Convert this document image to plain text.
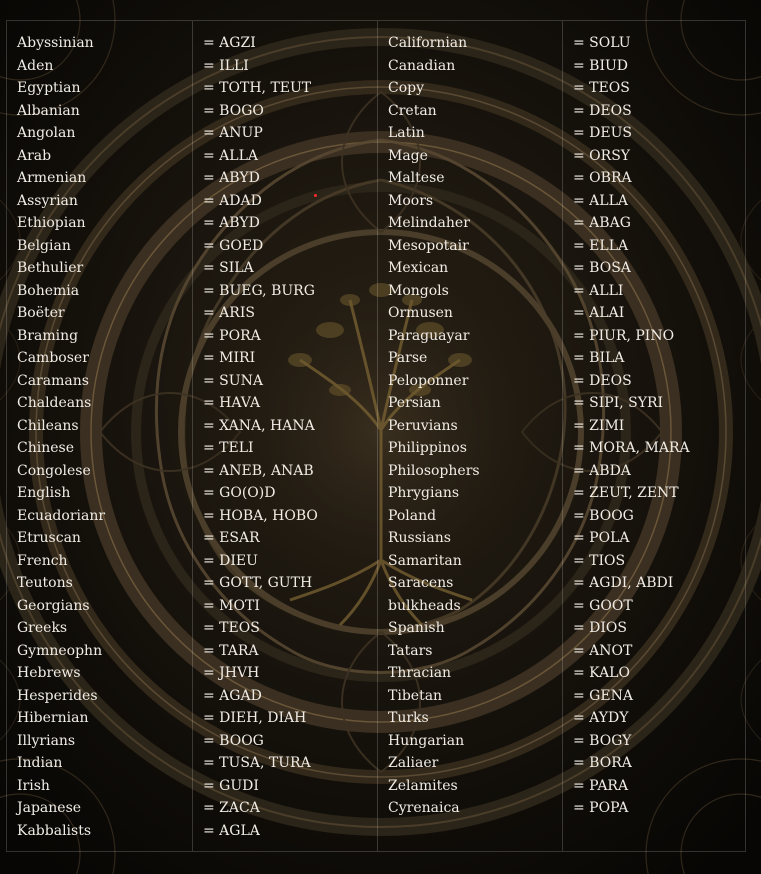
Abyssinian
Aden
Egyptian
Albanian
Angolan
Arab
Armenian
Assyrian
Ethiopian
Belgian
Bethulier
Bohemia
Boëter
Braming
Camboser
Caramans
Chaldeans
Chileans
Chinese
Congolese
English
Ecuadorianr
Etruscan
French
Teutons
Georgians
Greeks
Gymneophn
Hebrews
Hesperides
Hibernian
Illyrians
Indian
Irish
Japanese
Kabbalists
= AGZI
= ILLI
= TOTH, TEUT
= BOGO
= ANUP
= ALLA
= ABYD
= ADAD
= ABYD
= GOED
= SILA
= BUEG, BURG
= ARIS
= PORA
= MIRI
= SUNA
= HAVA
= XANA, HANA
= TELI
= ANEB, ANAB
= GO(O)D
= HOBA, HOBO
= ESAR
= DIEU
= GOTT, GUTH
= MOTI
= TEOS
= TARA
= JHVH
= AGAD
= DIEH, DIAH
= BOOG
= TUSA, TURA
= GUDI
= ZACA
= AGLA
Californian
Canadian
Copy
Cretan
Latin
Mage
Maltese
Moors
Melindaher
Mesopotair
Mexican
Mongols
Ormusen
Paraguayar
Parse
Peloponner
Persian
Peruvians
Philippinos
Philosophers
Phrygians
Poland
Russians
Samaritan
Saracens
bulkheads
Spanish
Tatars
Thracian
Tibetan
Turks
Hungarian
Zaliaer
Zelamites
Cyrenaica
= SOLU
= BIUD
= TEOS
= DEOS
= DEUS
= ORSY
= OBRA
= ALLA
= ABAG
= ELLA
= BOSA
= ALLI
= ALAI
= PIUR, PINO
= BILA
= DEOS
= SIPI, SYRI
= ZIMI
= MORA, MARA
= ABDA
= ZEUT, ZENT
= BOOG
= POLA
= TIOS
= AGDI, ABDI
= GOOT
= DIOS
= ANOT
= KALO
= GENA
= AYDY
= BOGY
= BORA
= PARA
= POPA
